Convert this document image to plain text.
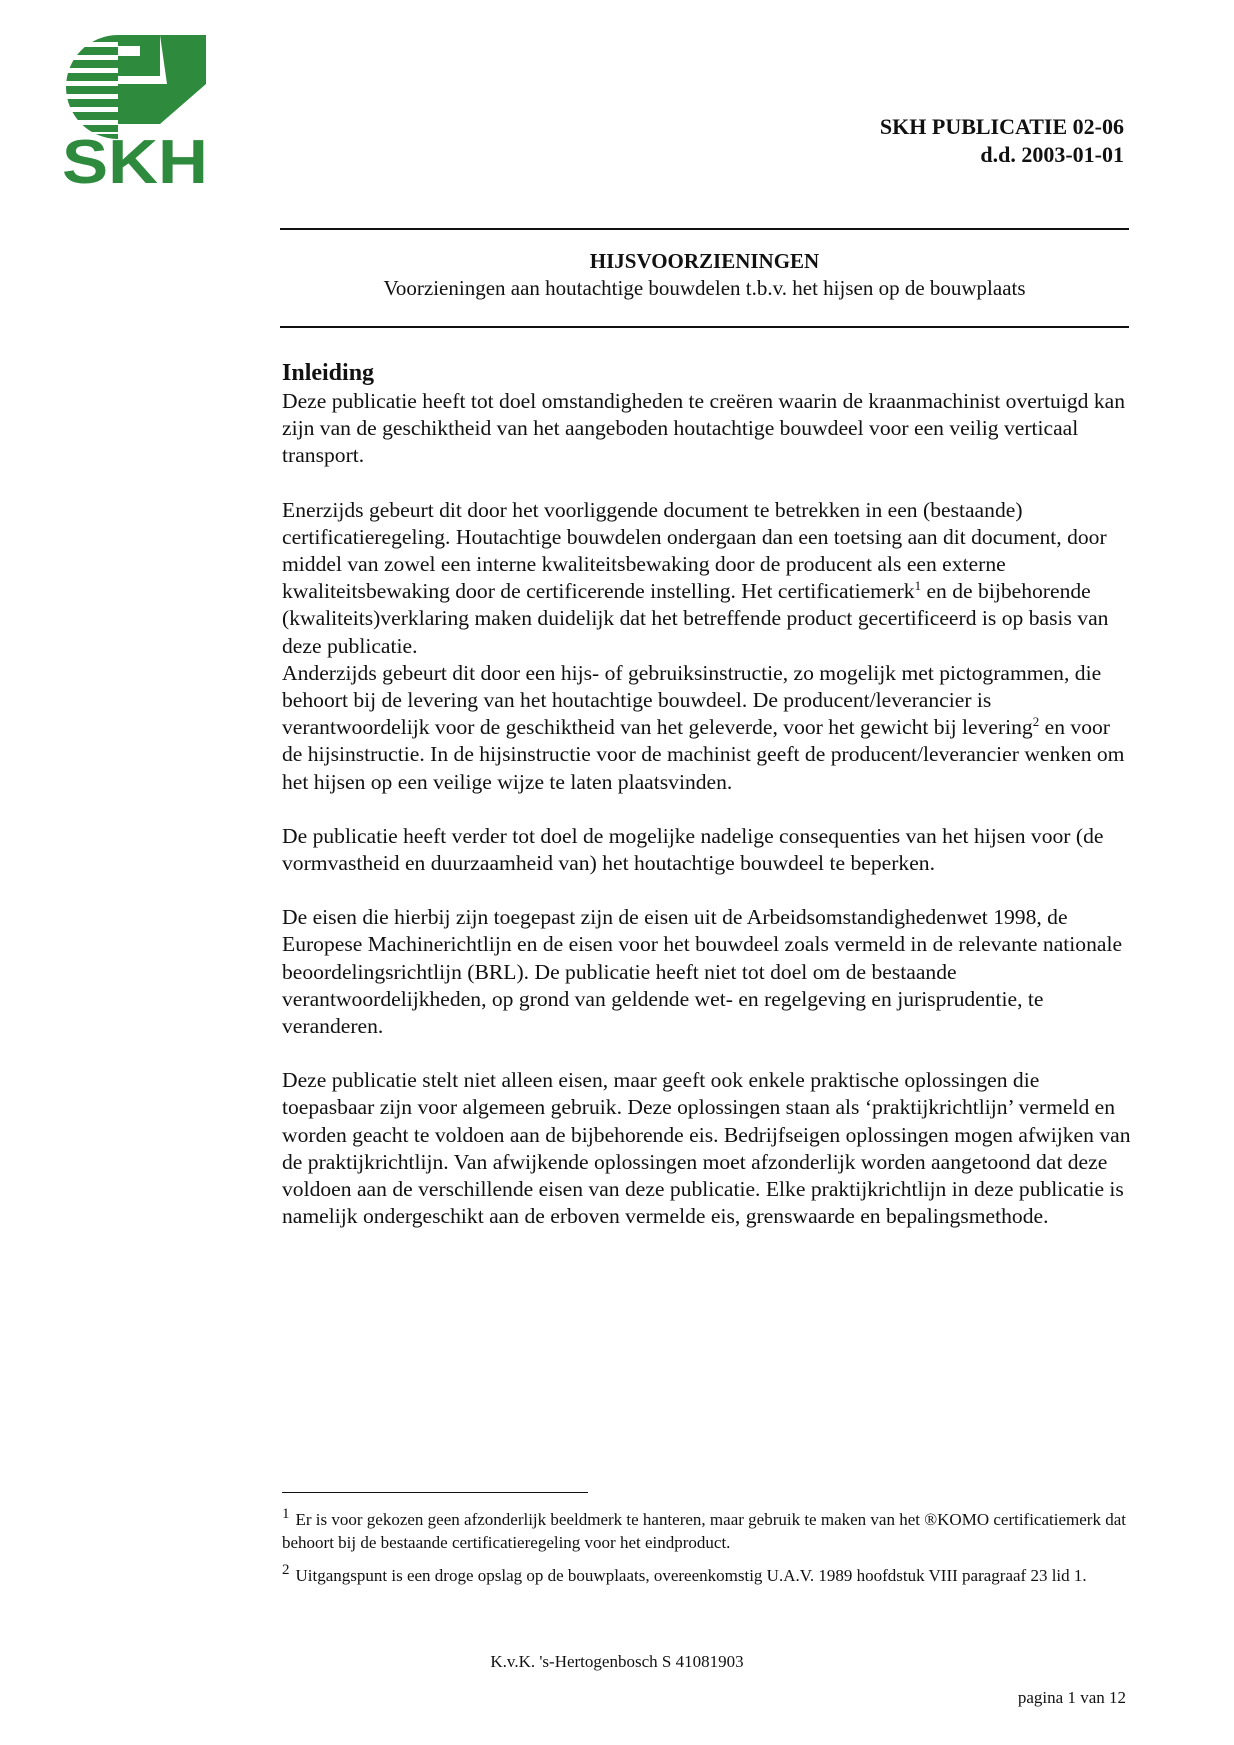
SKH
SKH PUBLICATIE 02-06
d.d. 2003-01-01
HIJSVOORZIENINGEN
Voorzieningen aan houtachtige bouwdelen t.b.v. het hijsen op de bouwplaats
Inleiding

Deze publicatie heeft tot doel omstandigheden te creëren waarin de kraanmachinist overtuigd kan zijn van de geschiktheid van het aangeboden houtachtige bouwdeel voor een veilig verticaal transport.

Enerzijds gebeurt dit door het voorliggende document te betrekken in een (bestaande) certificatieregeling. Houtachtige bouwdelen ondergaan dan een toetsing aan dit document, door middel van zowel een interne kwaliteitsbewaking door de producent als een externe kwaliteitsbewaking door de certificerende instelling. Het certificatiemerk$^1$ en de bijbehorende (kwaliteits)verklaring maken duidelijk dat het betreffende product gecertificeerd is op basis van deze publicatie.

Anderzijds gebeurt dit door een hijs- of gebruiksinstructie, zo mogelijk met pictogrammen, die behoort bij de levering van het houtachtige bouwdeel. De producent/leverancier is verantwoordelijk voor de geschiktheid van het geleverde, voor het gewicht bij levering$^2$ en voor de hijsinstructie. In de hijsinstructie voor de machinist geeft de producent/leverancier wenken om het hijsen op een veilige wijze te laten plaatsvinden.

De publicatie heeft verder tot doel de mogelijke nadelige consequenties van het hijsen voor (de vormvastheid en duurzaamheid van) het houtachtige bouwdeel te beperken.

De eisen die hierbij zijn toegepast zijn de eisen uit de Arbeidsomstandighedenwet 1998, de Europese Machinerichtlijn en de eisen voor het bouwdeel zoals vermeld in de relevante nationale beoordelingsrichtlijn (BRL). De publicatie heeft niet tot doel om de bestaande verantwoordelijkheden, op grond van geldende wet- en regelgeving en jurisprudentie, te veranderen.

Deze publicatie stelt niet alleen eisen, maar geeft ook enkele praktische oplossingen die toepasbaar zijn voor algemeen gebruik. Deze oplossingen staan als ‘praktijkrichtlijn’ vermeld en worden geacht te voldoen aan de bijbehorende eis. Bedrijfseigen oplossingen mogen afwijken van de praktijkrichtlijn. Van afwijkende oplossingen moet afzonderlijk worden aangetoond dat deze voldoen aan de verschillende eisen van deze publicatie. Elke praktijkrichtlijn in deze publicatie is namelijk ondergeschikt aan de erboven vermelde eis, grenswaarde en bepalingsmethode.

$^1$ Er is voor gekozen geen afzonderlijk beeldmerk te hanteren, maar gebruik te maken van het ®KOMO certificatiemerk dat behoort bij de bestaande certificatieregeling voor het eindproduct.

$^2$ Uitgangspunt is een droge opslag op de bouwplaats, overeenkomstig U.A.V. 1989 hoofdstuk VIII paragraaf 23 lid 1.

K.v.K. 's-Hertogenbosch S 41081903
pagina 1 van 12
